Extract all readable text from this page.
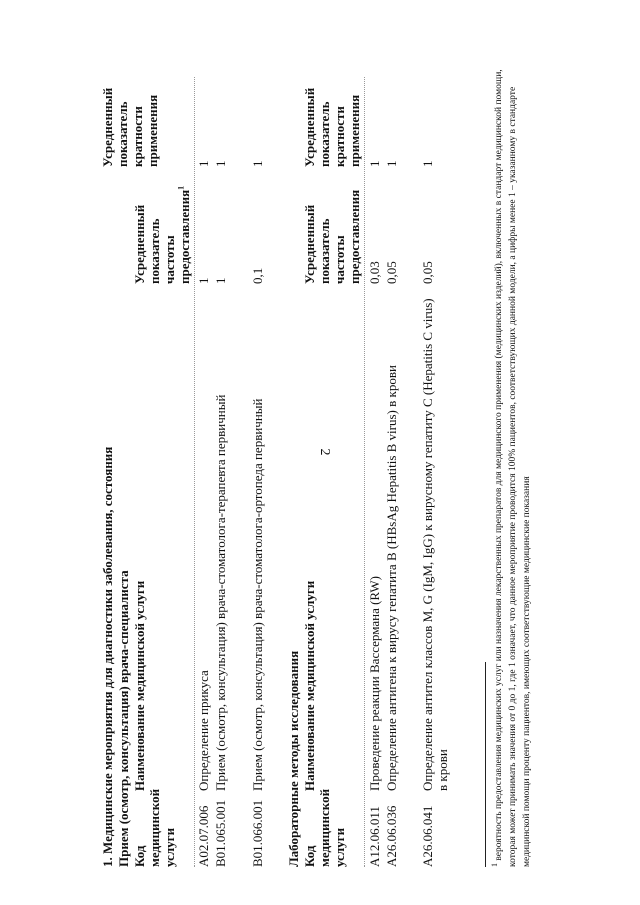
2
1. Медицинские мероприятия для диагностики заболевания, состояния Прием (осмотр, консультация) врача-специалиста Код медицинской услуги
Наименование медицинской услуги
Усредненный показатель частоты предоставления$^1$
Усредненный показатель кратности применения
A02.07.006
Определение прикуса
1
1
B01.065.001
Прием (осмотр, консультация) врача-стоматолога-терапевта первичный
1
1
B01.066.001
Прием (осмотр, консультация) врача-стоматолога-ортопеда первичный
0,1
1
Лабораторные методы исследования Код медицинской услуги
Наименование медицинской услуги
Усредненный показатель частоты предоставления
Усредненный показатель кратности применения
A12.06.011
Проведение реакции Вассермана (RW)
0,03
1
A26.06.036
Определение антигена к вирусу гепатита B (HBsAg Hepatitis B virus) в крови
0,05
1
A26.06.041
Определение антител классов M, G (IgM, IgG) к вирусному гепатиту C (Hepatitis C virus) в крови
0,05
1
$^1$ вероятность предоставления медицинских услуг или назначения лекарственных препаратов для медицинского применения (медицинских изделий), включенных в стандарт медицинской помощи, которая может принимать значения от 0 до 1, где 1 означает, что данное мероприятие проводится 100% пациентов, соответствующих данной модели, а цифры менее 1 – указанному в стандарте медицинской помощи проценту пациентов, имеющих соответствующие медицинские показания
